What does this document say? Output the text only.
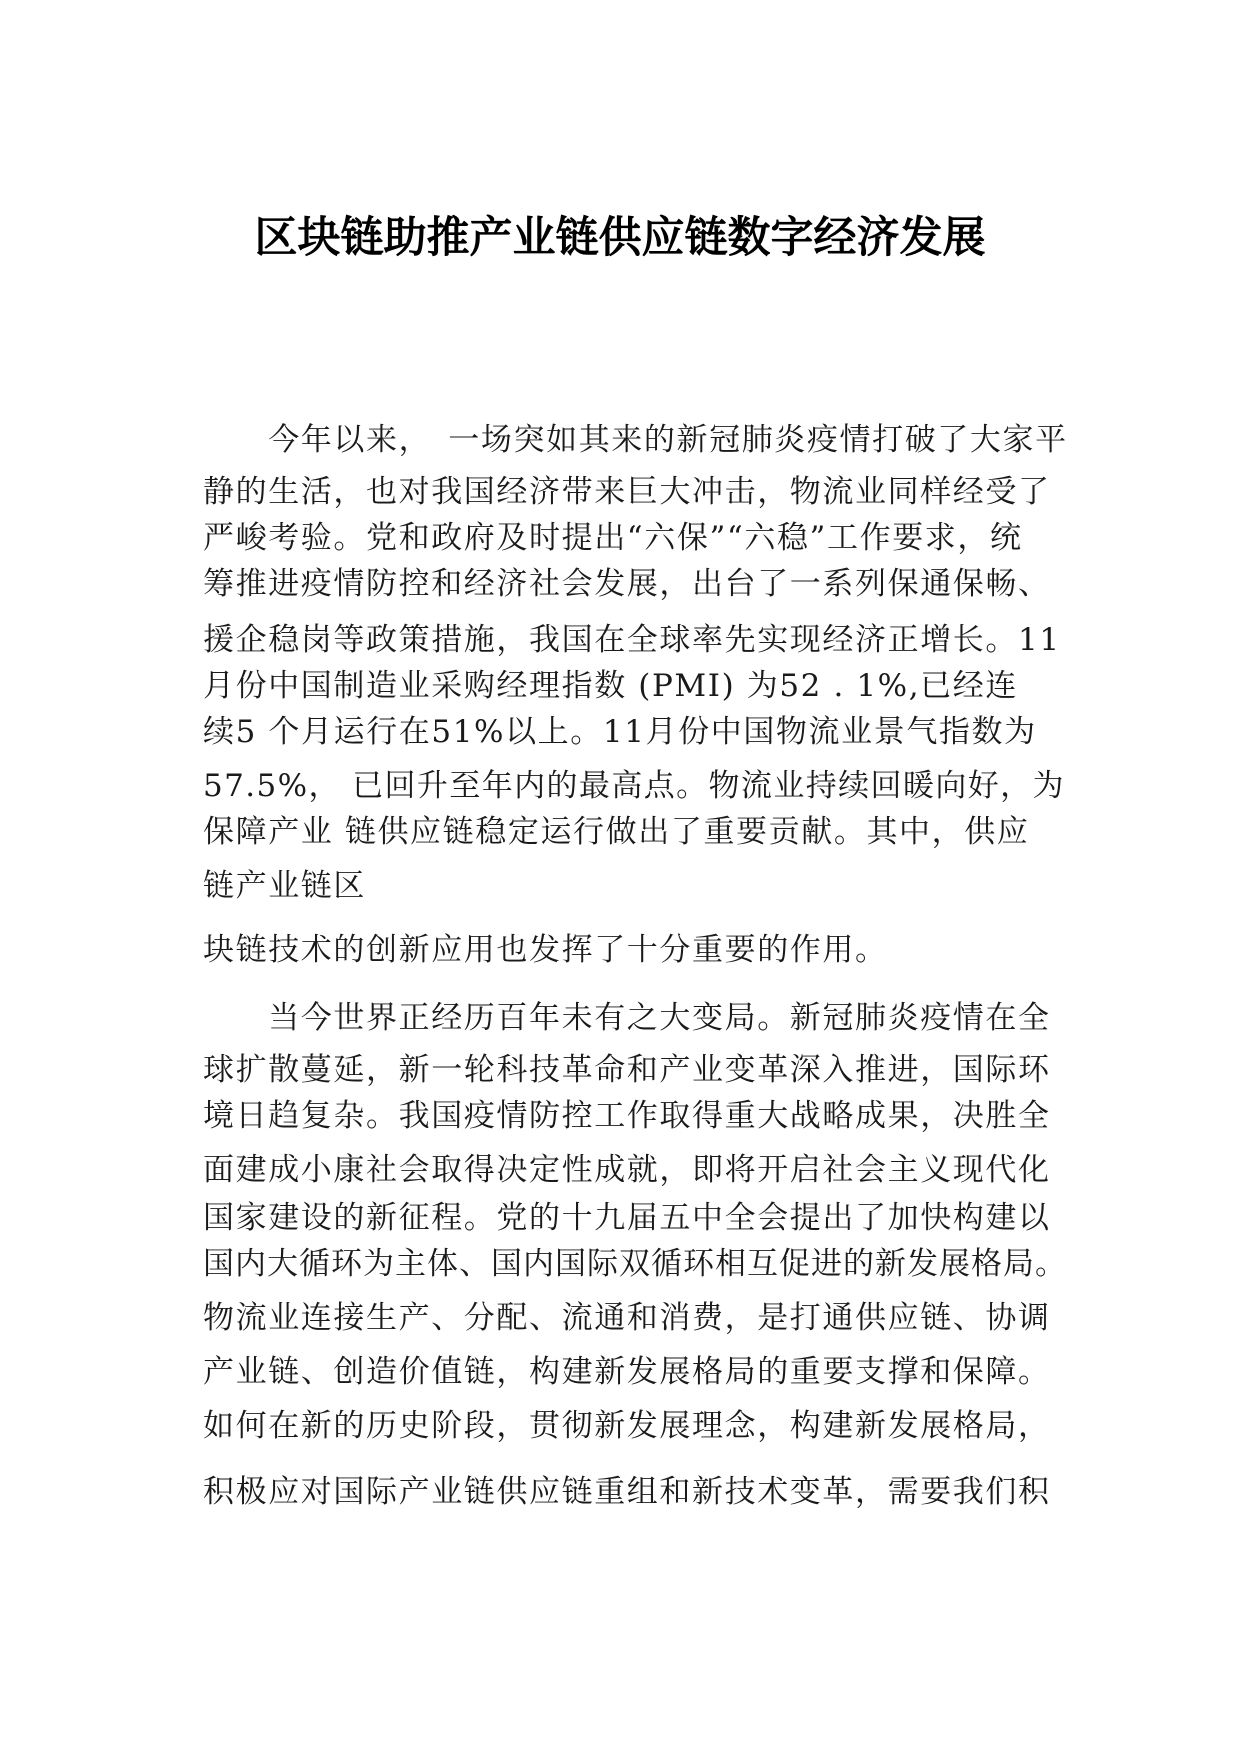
区块链助推产业链供应链数字经济发展
　　今年以来，　一场突如其来的新冠肺炎疫情打破了大家平
静的生活，也对我国经济带来巨大冲击，物流业同样经受了
严峻考验。党和政府及时提出“六保”“六稳”工作要求，统
筹推进疫情防控和经济社会发展，出台了一系列保通保畅、
援企稳岗等政策措施，我国在全球率先实现经济正增长。11
月份中国制造业采购经理指数 (PMI) 为52 . 1%,已经连
续5 个月运行在51%以上。11月份中国物流业景气指数为
57.5%， 已回升至年内的最高点。物流业持续回暖向好，为
保障产业 链供应链稳定运行做出了重要贡献。其中，供应
链产业链区
块链技术的创新应用也发挥了十分重要的作用。
　　当今世界正经历百年未有之大变局。新冠肺炎疫情在全
球扩散蔓延，新一轮科技革命和产业变革深入推进，国际环
境日趋复杂。我国疫情防控工作取得重大战略成果，决胜全
面建成小康社会取得决定性成就，即将开启社会主义现代化
国家建设的新征程。党的十九届五中全会提出了加快构建以
国内大循环为主体、国内国际双循环相互促进的新发展格局。
物流业连接生产、分配、流通和消费，是打通供应链、协调
产业链、创造价值链，构建新发展格局的重要支撑和保障。
如何在新的历史阶段，贯彻新发展理念，构建新发展格局，
积极应对国际产业链供应链重组和新技术变革，需要我们积
